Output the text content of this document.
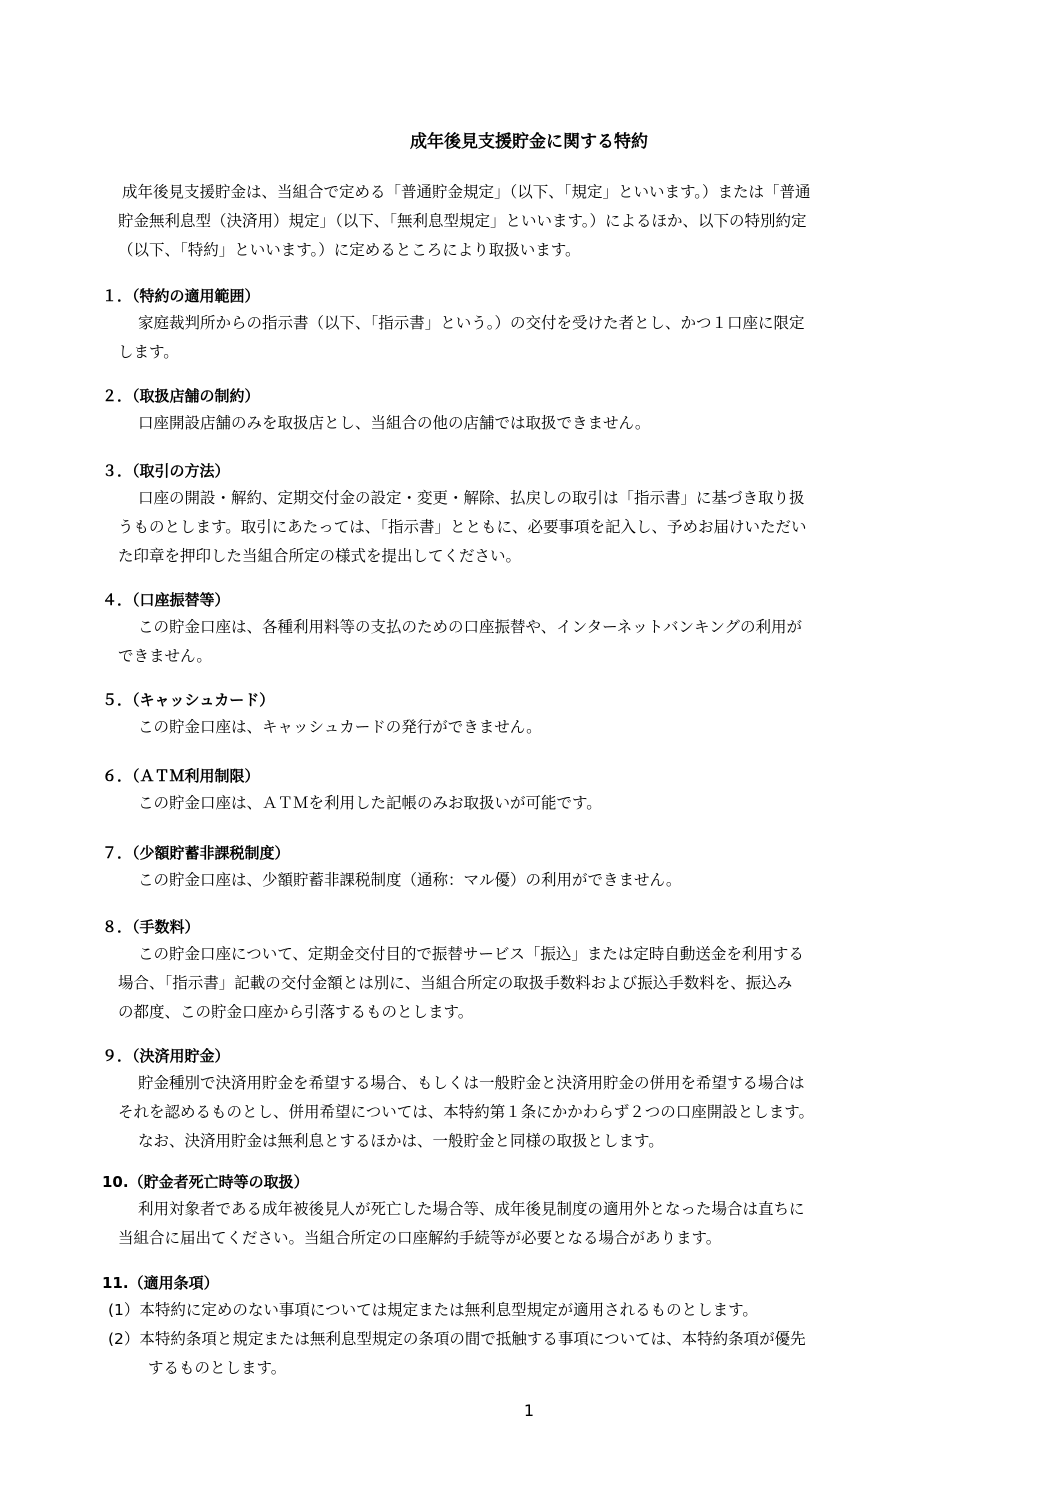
成年後見支援貯金に関する特約
成年後見支援貯金は、当組合で定める「普通貯金規定」（以下、「規定」といいます。）または「普通
貯金無利息型（決済用）規定」（以下、「無利息型規定」といいます。）によるほか、以下の特別約定
（以下、「特約」といいます。）に定めるところにより取扱います。
１．（特約の適用範囲）
家庭裁判所からの指示書（以下、「指示書」という。）の交付を受けた者とし、かつ１口座に限定
します。
２．（取扱店舗の制約）
口座開設店舗のみを取扱店とし、当組合の他の店舗では取扱できません。
３．（取引の方法）
口座の開設・解約、定期交付金の設定・変更・解除、払戻しの取引は「指示書」に基づき取り扱
うものとします。取引にあたっては、「指示書」とともに、必要事項を記入し、予めお届けいただい
た印章を押印した当組合所定の様式を提出してください。
４．（口座振替等）
この貯金口座は、各種利用料等の支払のための口座振替や、インターネットバンキングの利用が
できません。
５．（キャッシュカード）
この貯金口座は、キャッシュカードの発行ができません。
６．（ＡＴＭ利用制限）
この貯金口座は、ＡＴＭを利用した記帳のみお取扱いが可能です。
７．（少額貯蓄非課税制度）
この貯金口座は、少額貯蓄非課税制度（通称：マル優）の利用ができません。
８．（手数料）
この貯金口座について、定期金交付目的で振替サービス「振込」または定時自動送金を利用する
場合、「指示書」記載の交付金額とは別に、当組合所定の取扱手数料および振込手数料を、振込み
の都度、この貯金口座から引落するものとします。
９．（決済用貯金）
貯金種別で決済用貯金を希望する場合、もしくは一般貯金と決済用貯金の併用を希望する場合は
それを認めるものとし、併用希望については、本特約第１条にかかわらず２つの口座開設とします。
なお、決済用貯金は無利息とするほかは、一般貯金と同様の取扱とします。
10.（貯金者死亡時等の取扱）
利用対象者である成年被後見人が死亡した場合等、成年後見制度の適用外となった場合は直ちに
当組合に届出てください。当組合所定の口座解約手続等が必要となる場合があります。
11.（適用条項）
(1）本特約に定めのない事項については規定または無利息型規定が適用されるものとします。
(2）本特約条項と規定または無利息型規定の条項の間で抵触する事項については、本特約条項が優先
するものとします。
1
